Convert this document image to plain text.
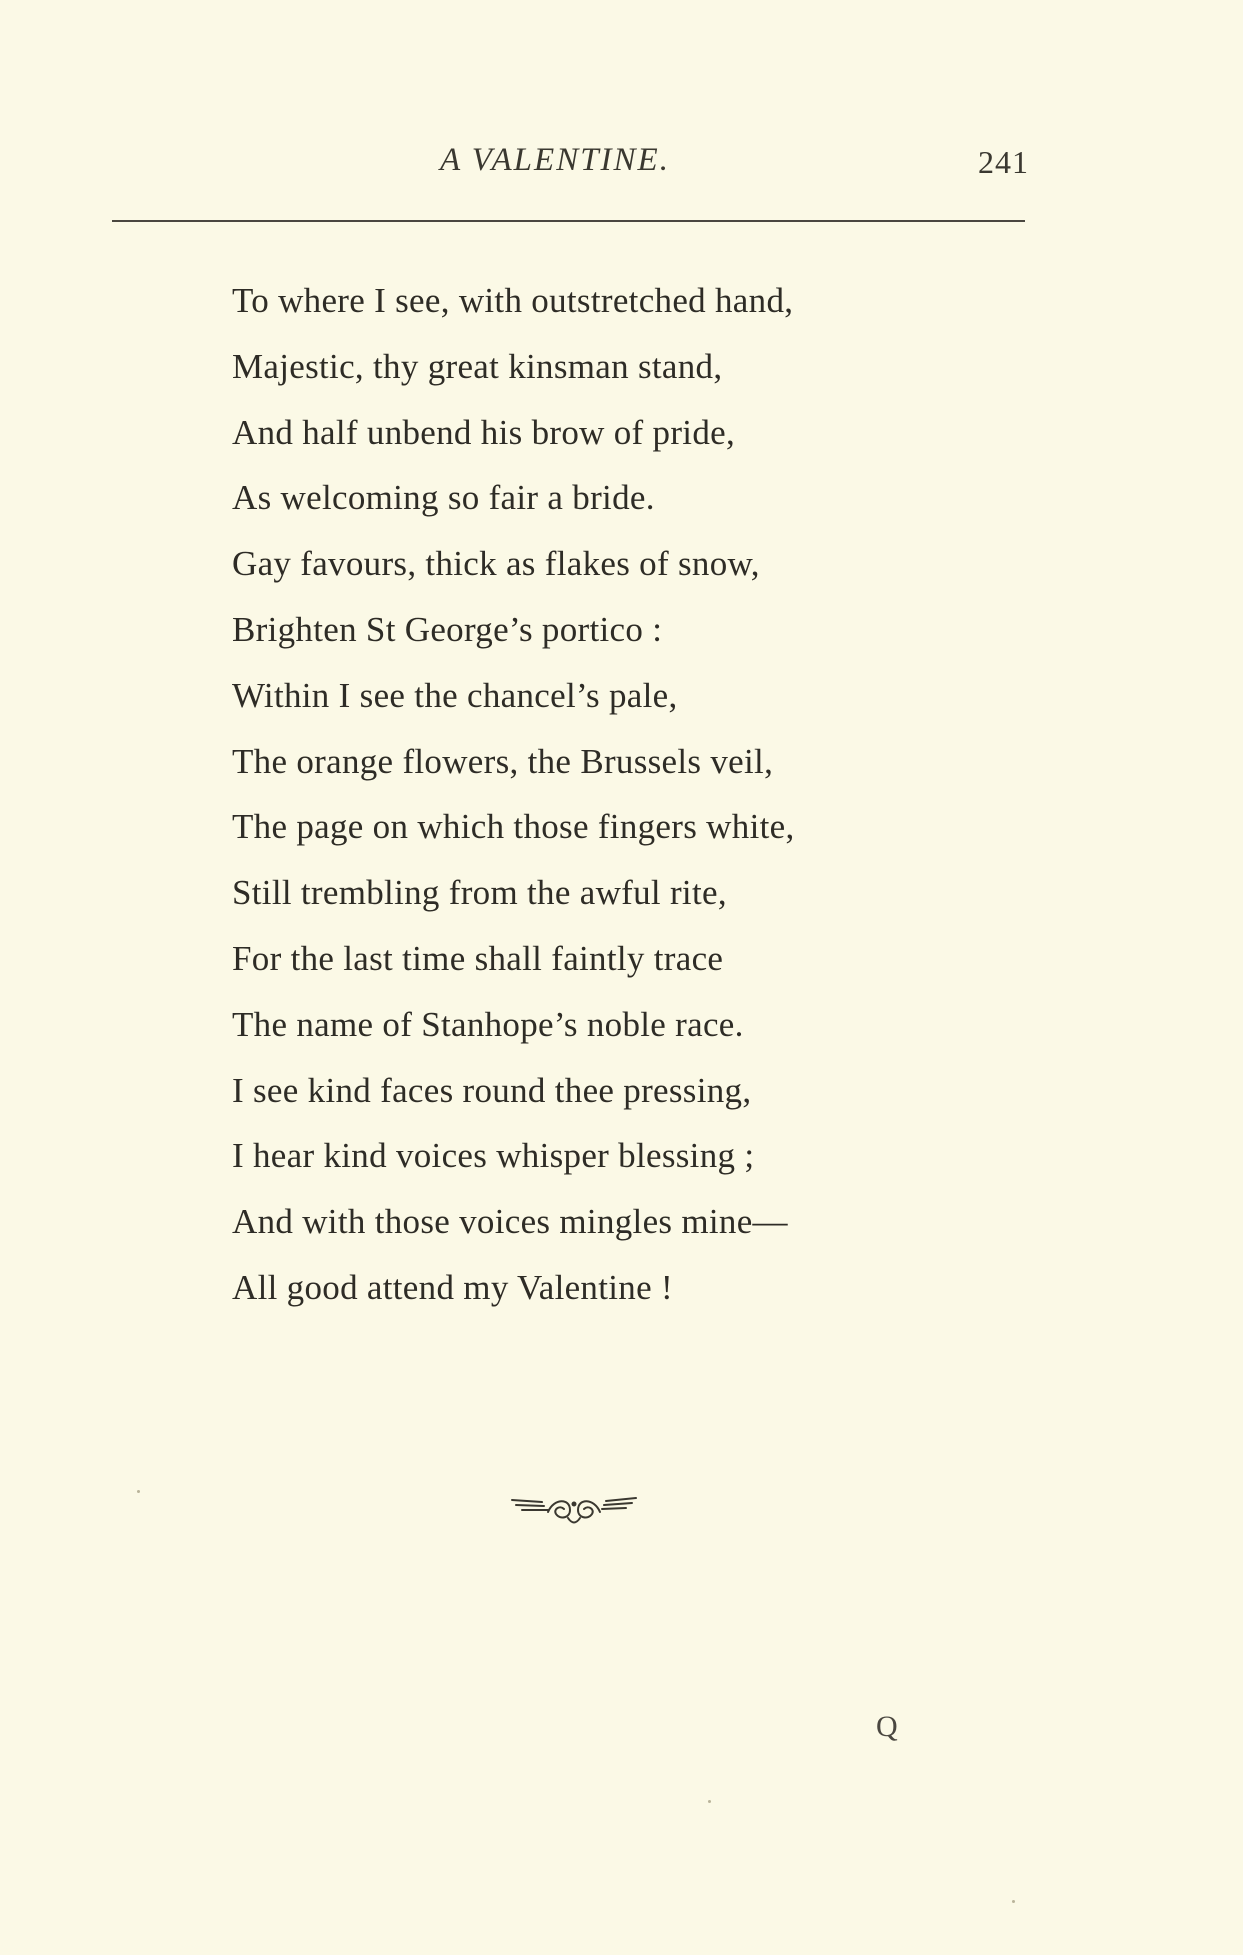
A VALENTINE.	241
To where I see, with outstretched hand,
Majestic, thy great kinsman stand,
And half unbend his brow of pride,
As welcoming so fair a bride.
Gay favours, thick as flakes of snow,
Brighten St George’s portico :
Within I see the chancel’s pale,
The orange flowers, the Brussels veil,
The page on which those fingers white,
Still trembling from the awful rite,
For the last time shall faintly trace
The name of Stanhope’s noble race.
I see kind faces round thee pressing,
I hear kind voices whisper blessing ;
And with those voices mingles mine—
All good attend my Valentine !
Q
